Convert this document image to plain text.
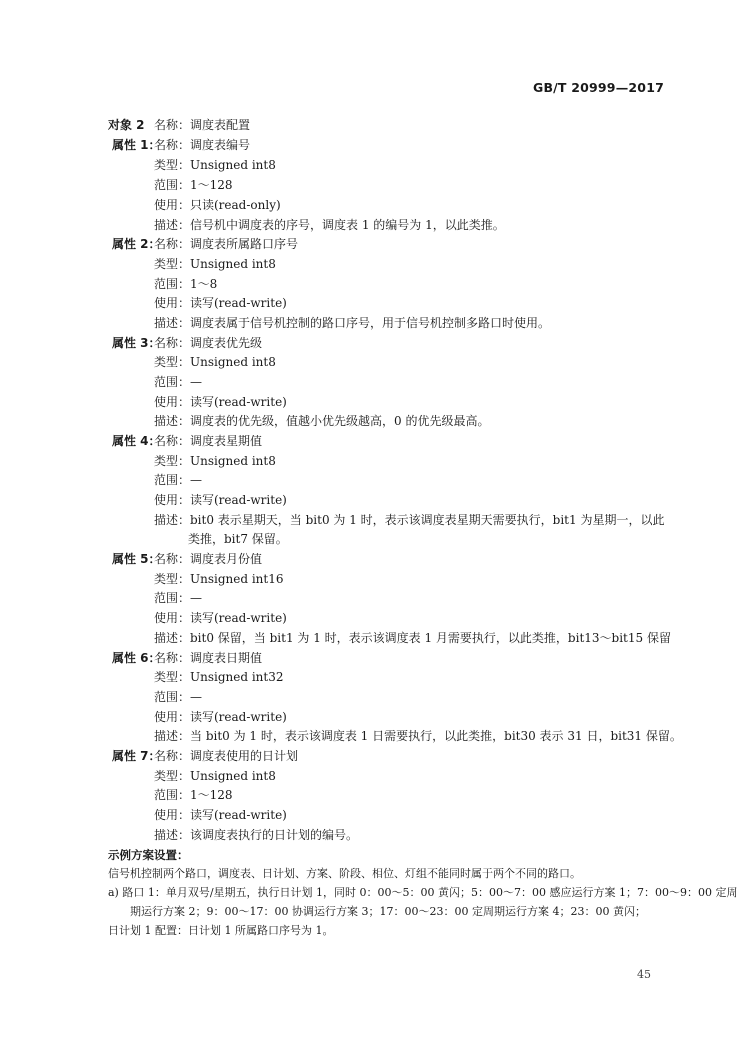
GB/T 20999—2017
对象 2 名称：调度表配置
属性 1：
名称：调度表编号
类型：Unsigned int8
范围：1～128
使用：只读(read-only)
描述：信号机中调度表的序号，调度表 1 的编号为 1，以此类推。
属性 2：
名称：调度表所属路口序号
类型：Unsigned int8
范围：1～8
使用：读写(read-write)
描述：调度表属于信号机控制的路口序号，用于信号机控制多路口时使用。
属性 3：
名称：调度表优先级
类型：Unsigned int8
范围：—
使用：读写(read-write)
描述：调度表的优先级，值越小优先级越高，0 的优先级最高。
属性 4：
名称：调度表星期值
类型：Unsigned int8
范围：—
使用：读写(read-write)
描述：bit0 表示星期天，当 bit0 为 1 时，表示该调度表星期天需要执行，bit1 为星期一，以此
类推，bit7 保留。
属性 5：
名称：调度表月份值
类型：Unsigned int16
范围：—
使用：读写(read-write)
描述：bit0 保留，当 bit1 为 1 时，表示该调度表 1 月需要执行，以此类推，bit13～bit15 保留
属性 6：
名称：调度表日期值
类型：Unsigned int32
范围：—
使用：读写(read-write)
描述：当 bit0 为 1 时，表示该调度表 1 日需要执行，以此类推，bit30 表示 31 日，bit31 保留。
属性 7：
名称：调度表使用的日计划
类型：Unsigned int8
范围：1～128
使用：读写(read-write)
描述：该调度表执行的日计划的编号。
示例方案设置：
信号机控制两个路口，调度表、日计划、方案、阶段、相位、灯组不能同时属于两个不同的路口。
a) 路口 1：单月双号/星期五，执行日计划 1，同时 0：00～5：00 黄闪；5：00～7：00 感应运行方案 1；7：00～9：00 定周
期运行方案 2；9：00～17：00 协调运行方案 3；17：00～23：00 定周期运行方案 4；23：00 黄闪；
日计划 1 配置：日计划 1 所属路口序号为 1。
45
